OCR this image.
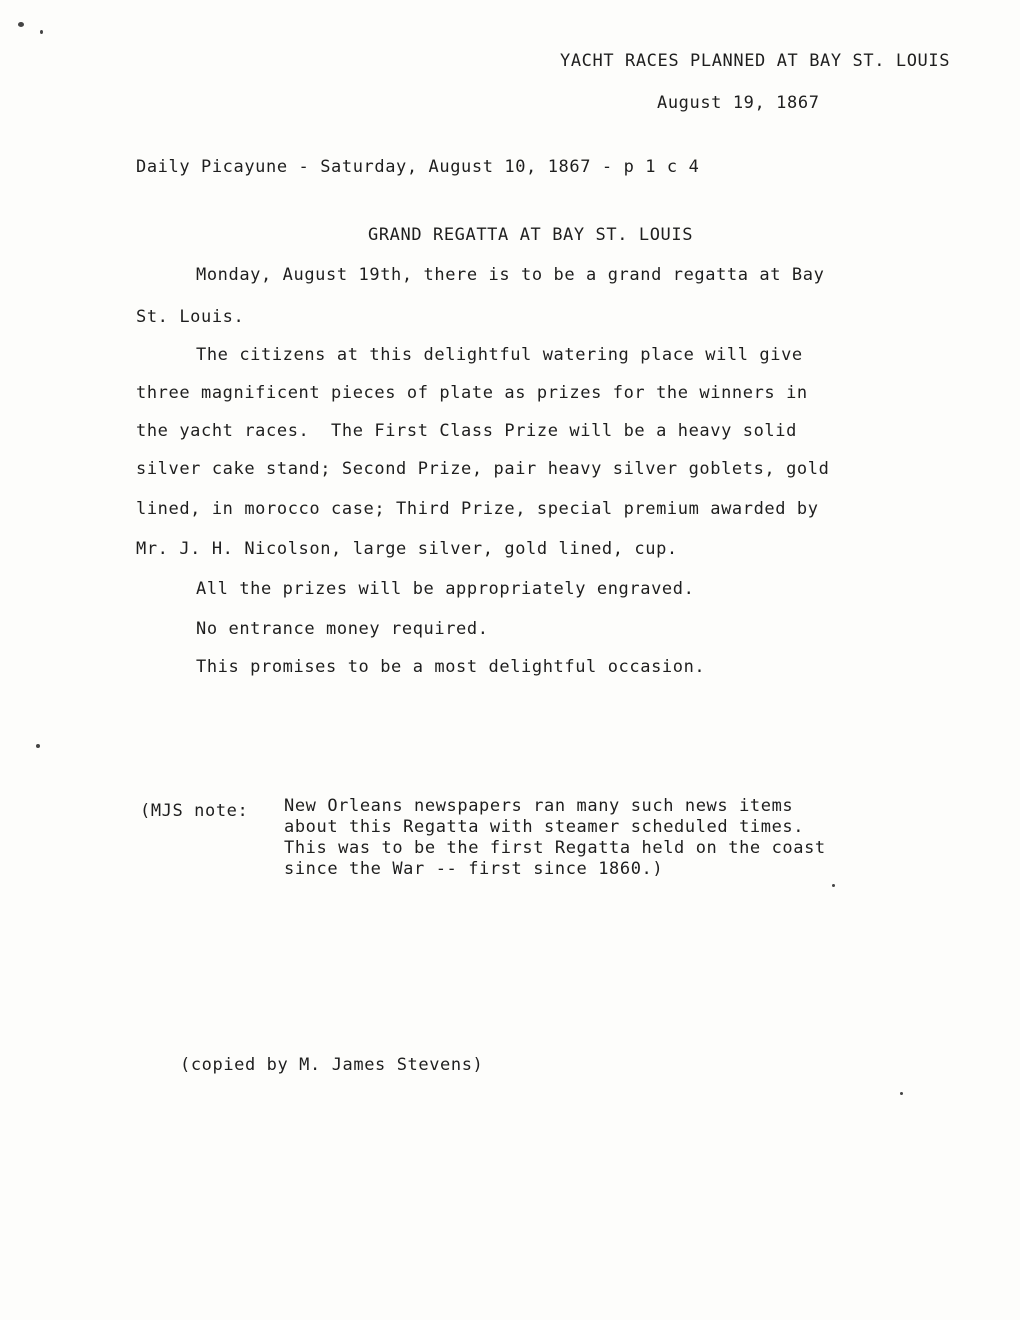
YACHT RACES PLANNED AT BAY ST. LOUIS
August 19, 1867
Daily Picayune - Saturday, August 10, 1867 - p 1 c 4
GRAND REGATTA AT BAY ST. LOUIS
Monday, August 19th, there is to be a grand regatta at Bay
St. Louis.
The citizens at this delightful watering place will give
three magnificent pieces of plate as prizes for the winners in
the yacht races.  The First Class Prize will be a heavy solid
silver cake stand; Second Prize, pair heavy silver goblets, gold
lined, in morocco case; Third Prize, special premium awarded by
Mr. J. H. Nicolson, large silver, gold lined, cup.
All the prizes will be appropriately engraved.
No entrance money required.
This promises to be a most delightful occasion.
(MJS note: New Orleans newspapers ran many such news items
about this Regatta with steamer scheduled times.
This was to be the first Regatta held on the coast
since the War -- first since 1860.)
(copied by M. James Stevens)
